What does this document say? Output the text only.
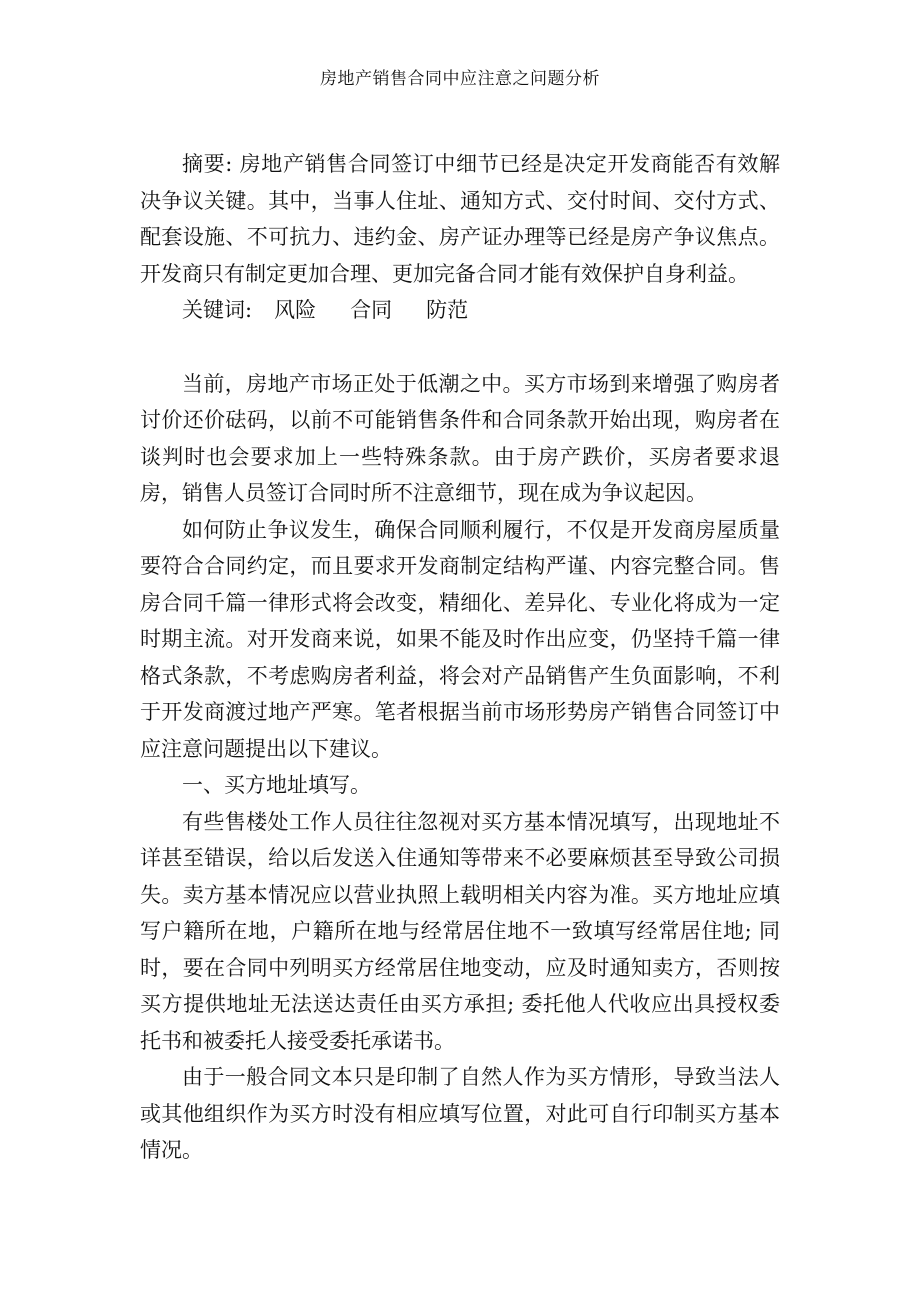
房地产销售合同中应注意之问题分析

摘要: 房地产销售合同签订中细节已经是决定开发商能否有效解决争议关键。其中，当事人住址、通知方式、交付时间、交付方式、配套设施、不可抗力、违约金、房产证办理等已经是房产争议焦点。开发商只有制定更加合理、更加完备合同才能有效保护自身利益。

关键词: 风险 合同 防范

当前，房地产市场正处于低潮之中。买方市场到来增强了购房者讨价还价砝码，以前不可能销售条件和合同条款开始出现，购房者在谈判时也会要求加上一些特殊条款。由于房产跌价，买房者要求退房，销售人员签订合同时所不注意细节，现在成为争议起因。

如何防止争议发生，确保合同顺利履行，不仅是开发商房屋质量要符合合同约定，而且要求开发商制定结构严谨、内容完整合同。售房合同千篇一律形式将会改变，精细化、差异化、专业化将成为一定时期主流。对开发商来说，如果不能及时作出应变，仍坚持千篇一律格式条款，不考虑购房者利益，将会对产品销售产生负面影响，不利于开发商渡过地产严寒。笔者根据当前市场形势房产销售合同签订中应注意问题提出以下建议。

一、买方地址填写。

有些售楼处工作人员往往忽视对买方基本情况填写，出现地址不详甚至错误，给以后发送入住通知等带来不必要麻烦甚至导致公司损失。卖方基本情况应以营业执照上载明相关内容为准。买方地址应填写户籍所在地，户籍所在地与经常居住地不一致填写经常居住地; 同时，要在合同中列明买方经常居住地变动，应及时通知卖方，否则按买方提供地址无法送达责任由买方承担; 委托他人代收应出具授权委托书和被委托人接受委托承诺书。

由于一般合同文本只是印制了自然人作为买方情形，导致当法人或其他组织作为买方时没有相应填写位置，对此可自行印制买方基本情况。
